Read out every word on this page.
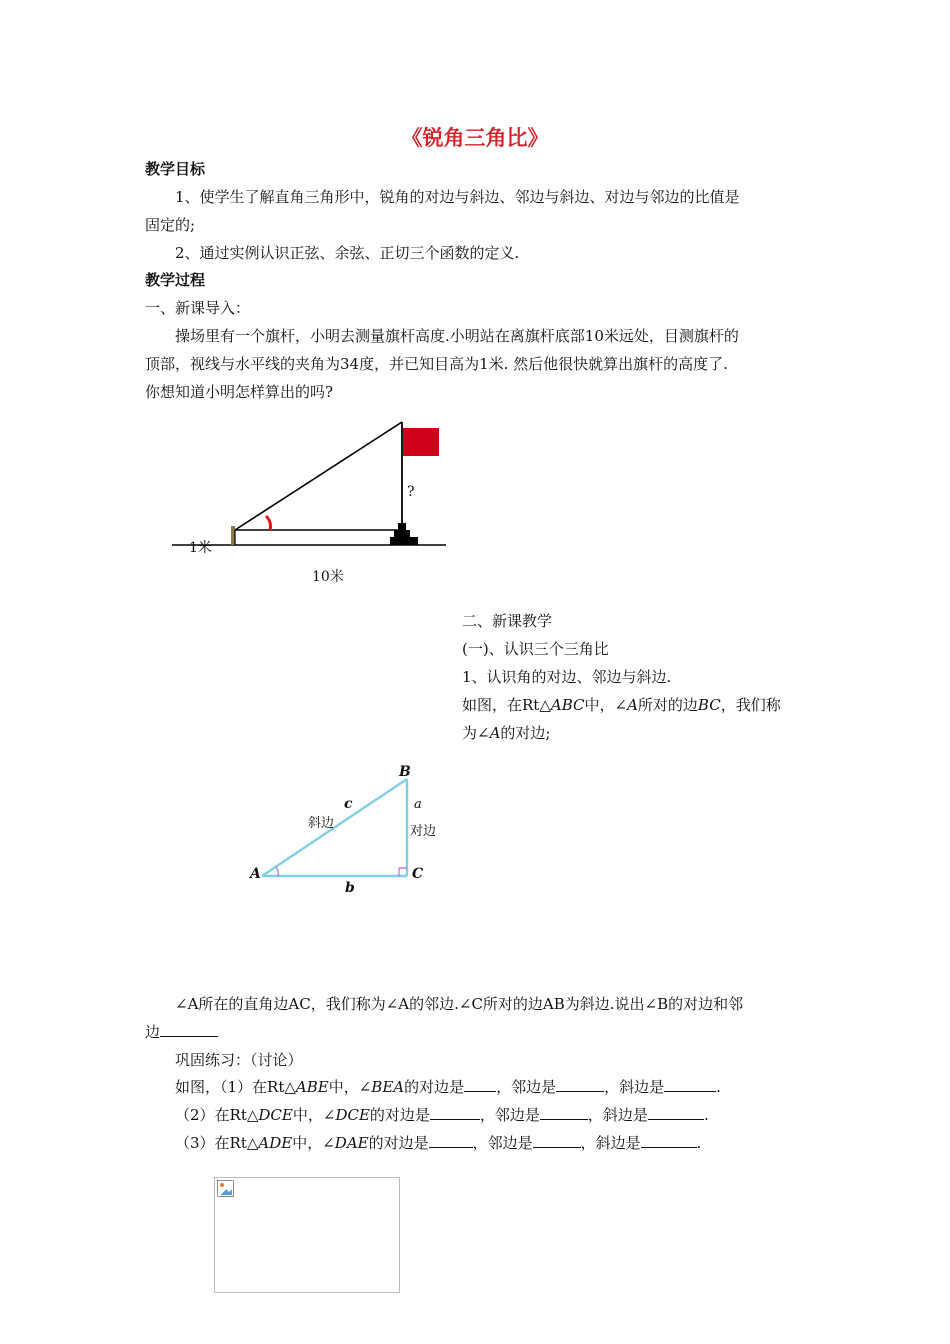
《锐角三角比》
教学目标
1、使学生了解直角三角形中，锐角的对边与斜边、邻边与斜边、对边与邻边的比值是
固定的;
2、通过实例认识正弦、余弦、正切三个函数的定义.
教学过程
一、新课导入：
操场里有一个旗杆，小明去测量旗杆高度.小明站在离旗杆底部10米远处，目测旗杆的
顶部，视线与水平线的夹角为34度，并已知目高为1米. 然后他很快就算出旗杆的高度了.
你想知道小明怎样算出的吗?
?
1米
10米
二、新课教学
(一)、认识三个三角比
1、认识角的对边、邻边与斜边.
如图，在Rt△ABC中，∠A所对的边BC，我们称
为∠A的对边;
A
B
C
c	a
b
斜边
对边
∠A所在的直角边AC，我们称为∠A的邻边.∠C所对的边AB为斜边.说出∠B的对边和邻
边
巩固练习：（讨论）
如图，（1）在Rt△ABE中，∠BEA的对边是 ，邻边是	，斜边是	.
（2）在Rt△DCE中，∠DCE的对边是	，邻边是	，斜边是	.
（3）在Rt△ADE中，∠DAE的对边是	，邻边是	，斜边是	.
